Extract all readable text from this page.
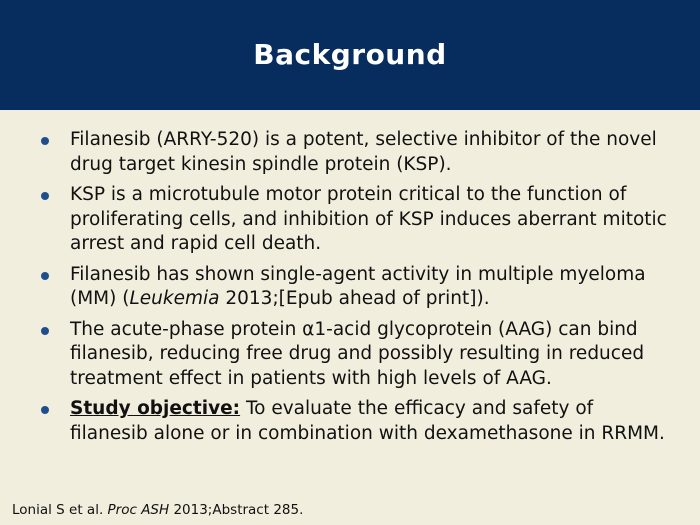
Background
Filanesib (ARRY-520) is a potent, selective inhibitor of the novel drug target kinesin spindle protein (KSP).
KSP is a microtubule motor protein critical to the function of proliferating cells, and inhibition of KSP induces aberrant mitotic arrest and rapid cell death.
Filanesib has shown single-agent activity in multiple myeloma (MM) (Leukemia 2013;[Epub ahead of print]).
The acute-phase protein α1-acid glycoprotein (AAG) can bind filanesib, reducing free drug and possibly resulting in reduced treatment effect in patients with high levels of AAG.
Study objective: To evaluate the efficacy and safety of filanesib alone or in combination with dexamethasone in RRMM.
Lonial S et al. Proc ASH 2013;Abstract 285.
